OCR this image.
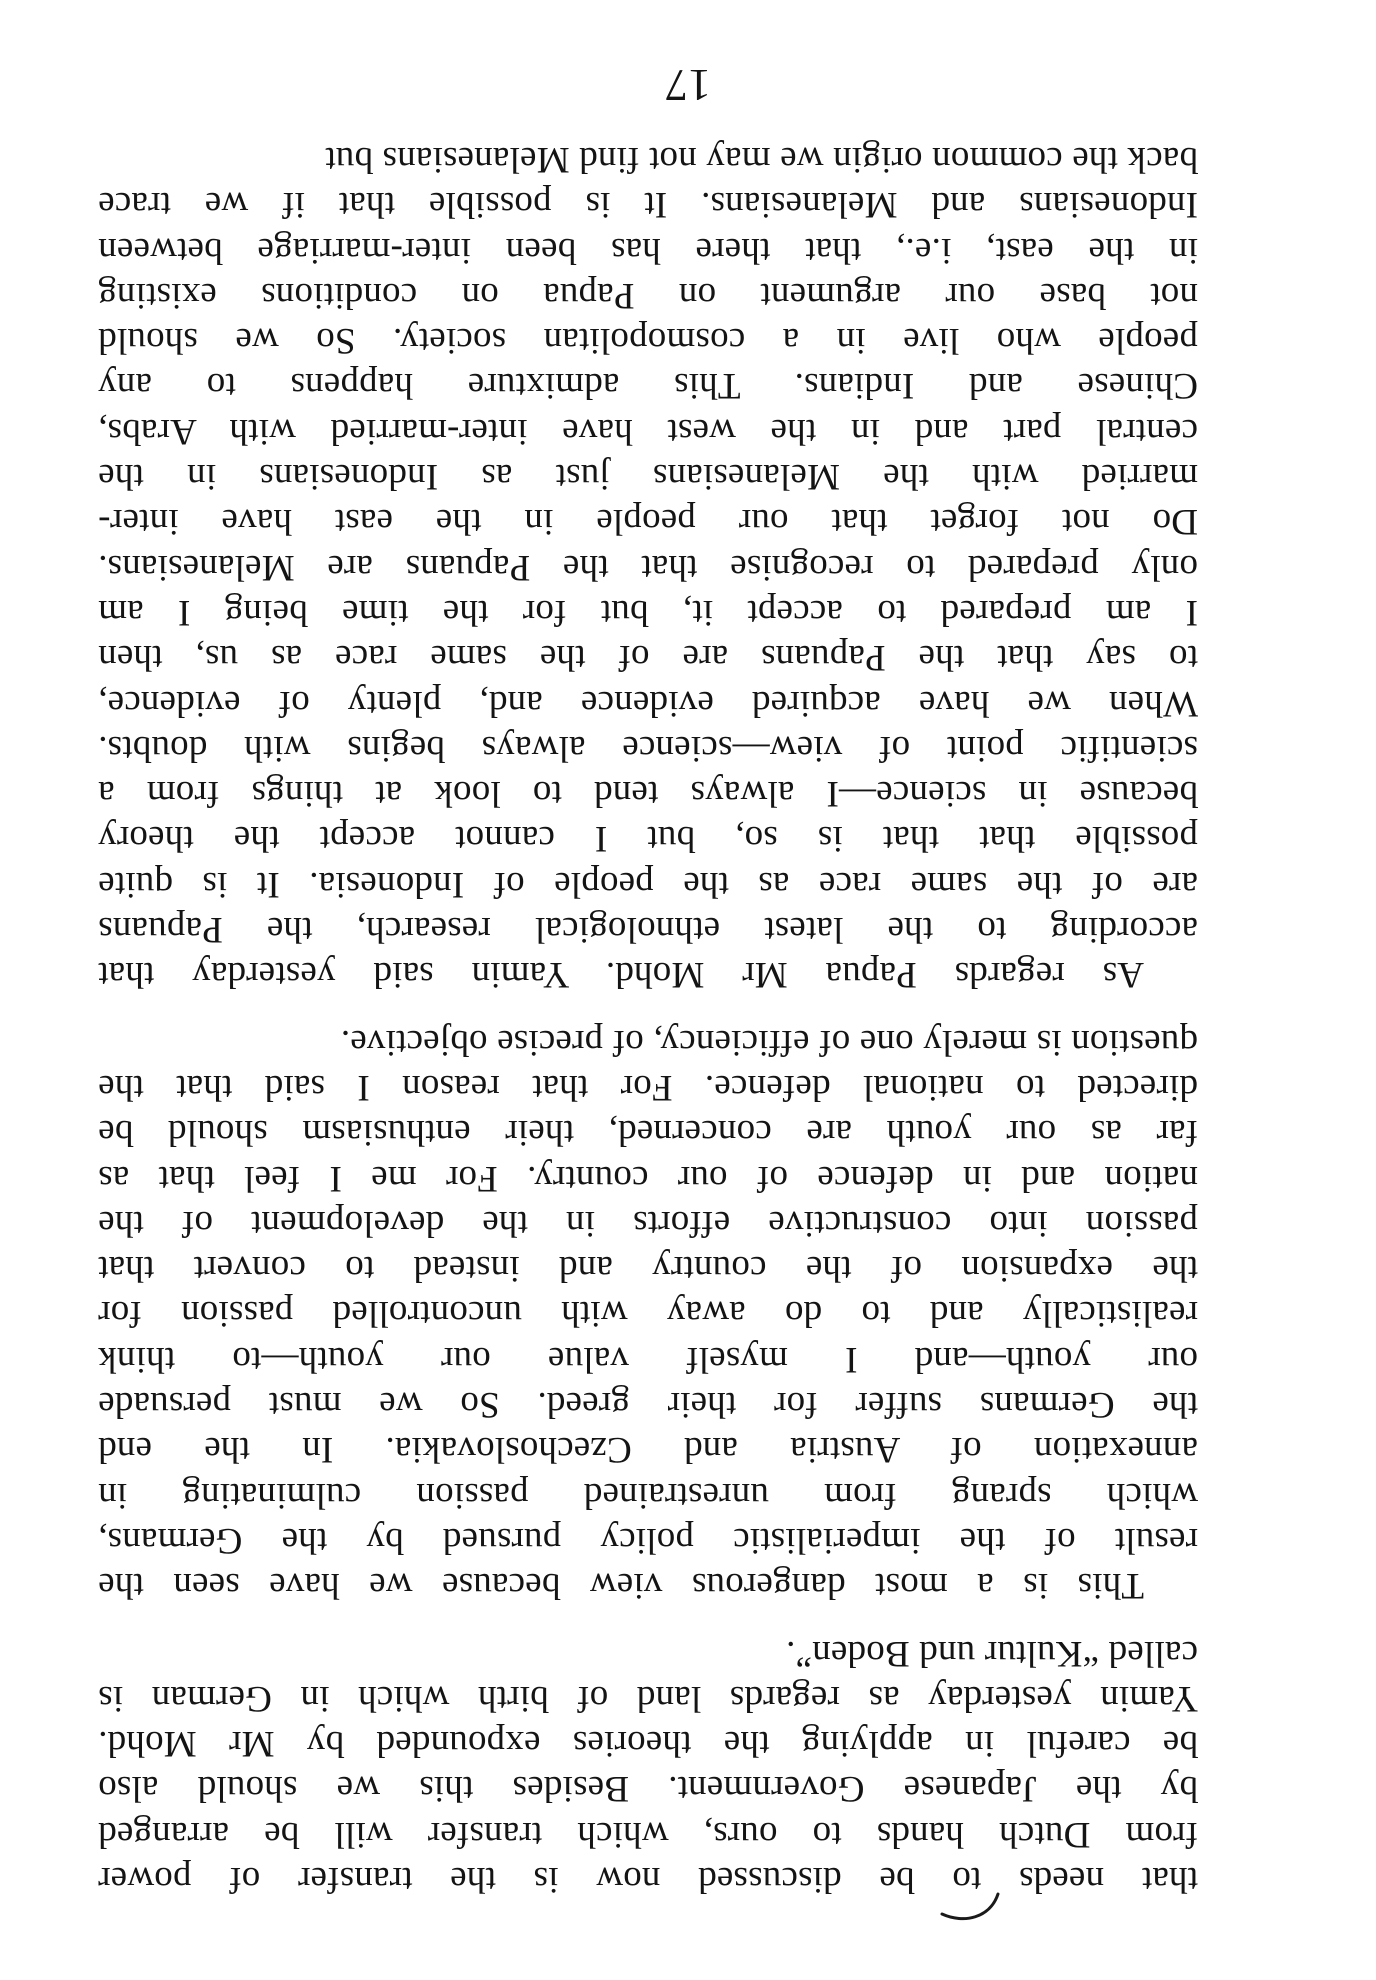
that needs to be discussed now is the transfer of power
from Dutch hands to ours, which transfer will be arranged
by the Japanese Government. Besides this we should also
be careful in applying the theories expounded by Mr Mohd.
Yamin yesterday as regards land of birth which in German is
called “Kultur und Boden”.
This is a most dangerous view because we have seen the
result of the imperialistic policy pursued by the Germans,
which sprang from unrestrained passion culminating in
annexation of Austria and Czechoslovakia. In the end
the Germans suffer for their greed. So we must persuade
our youth—and I myself value our youth—to think
realistically and to do away with uncontrolled passion for
the expansion of the country and instead to convert that
passion into constructive efforts in the development of the
nation and in defence of our country. For me I feel that as
far as our youth are concerned, their enthusiasm should be
directed to national defence. For that reason I said that the
question is merely one of efficiency, of precise objective.
As regards Papua Mr Mohd. Yamin said yesterday that
according to the latest ethnological research, the Papuans
are of the same race as the people of Indonesia. It is quite
possible that that is so, but I cannot accept the theory
because in science—I always tend to look at things from a
scientific point of view—science always begins with doubts.
When we have acquired evidence and, plenty of evidence,
to say that the Papuans are of the same race as us, then
I am prepared to accept it, but for the time being I am
only prepared to recognise that the Papuans are Melanesians.
Do not forget that our people in the east have inter-
married with the Melanesians just as Indonesians in the
central part and in the west have inter-married with Arabs,
Chinese and Indians. This admixture happens to any
people who live in a cosmopolitan society. So we should
not base our argument on Papua on conditions existing
in the east, i.e., that there has been inter-marriage between
Indonesians and Melanesians. It is possible that if we trace
back the common origin we may not find Melanesians but
17
